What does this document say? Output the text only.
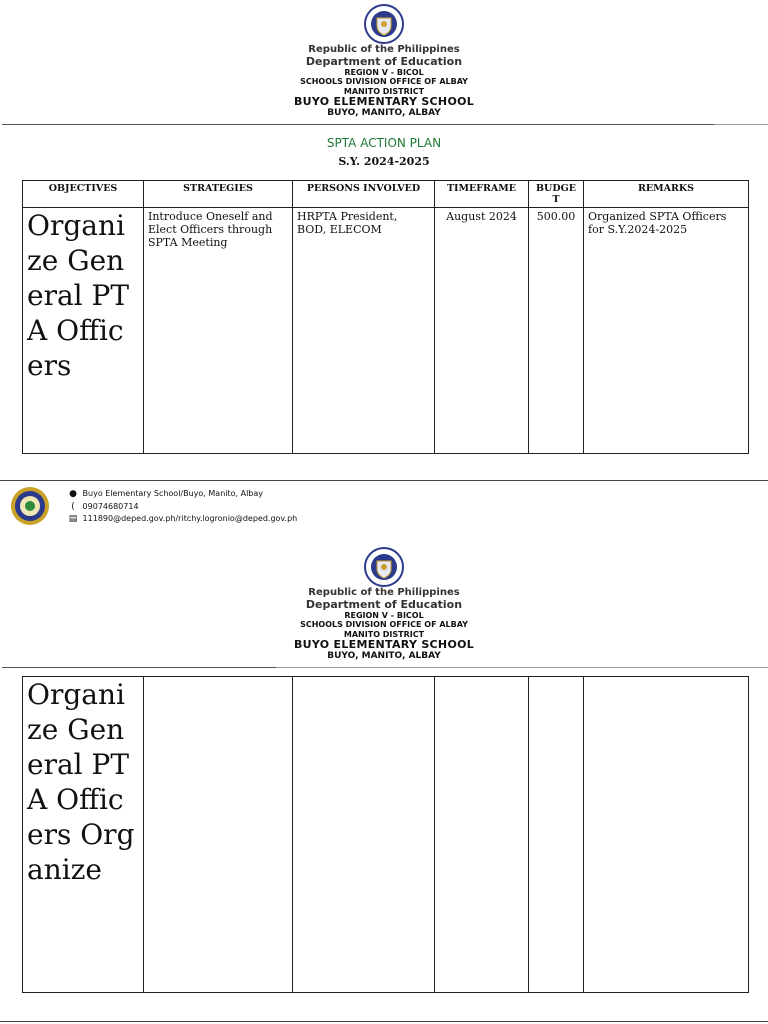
Republic of the Philippines

Department of Education

REGION V - BICOL

SCHOOLS DIVISION OFFICE OF ALBAY

MANITO DISTRICT

BUYO ELEMENTARY SCHOOL

BUYO, MANITO, ALBAY

SPTA ACTION PLAN
S.Y. 2024-2025
OBJECTIVES	STRATEGIES	PERSONS INVOLVED	TIMEFRAME	BUDGE T	REMARKS
Organize General PTA Officers	Introduce Oneself and Elect Officers through SPTA Meeting	HRPTA President, BOD, ELECOM	August 2024	500.00	Organized SPTA Officers for S.Y.2024-2025
● Buyo Elementary School/Buyo, Manito, Albay
( 09074680714
▤ 111890@deped.gov.ph/ritchy.logronio@deped.gov.ph

Republic of the Philippines

Department of Education

REGION V - BICOL

SCHOOLS DIVISION OFFICE OF ALBAY

MANITO DISTRICT

BUYO ELEMENTARY SCHOOL

BUYO, MANITO, ALBAY

Organize General PTA Officers Organize					
